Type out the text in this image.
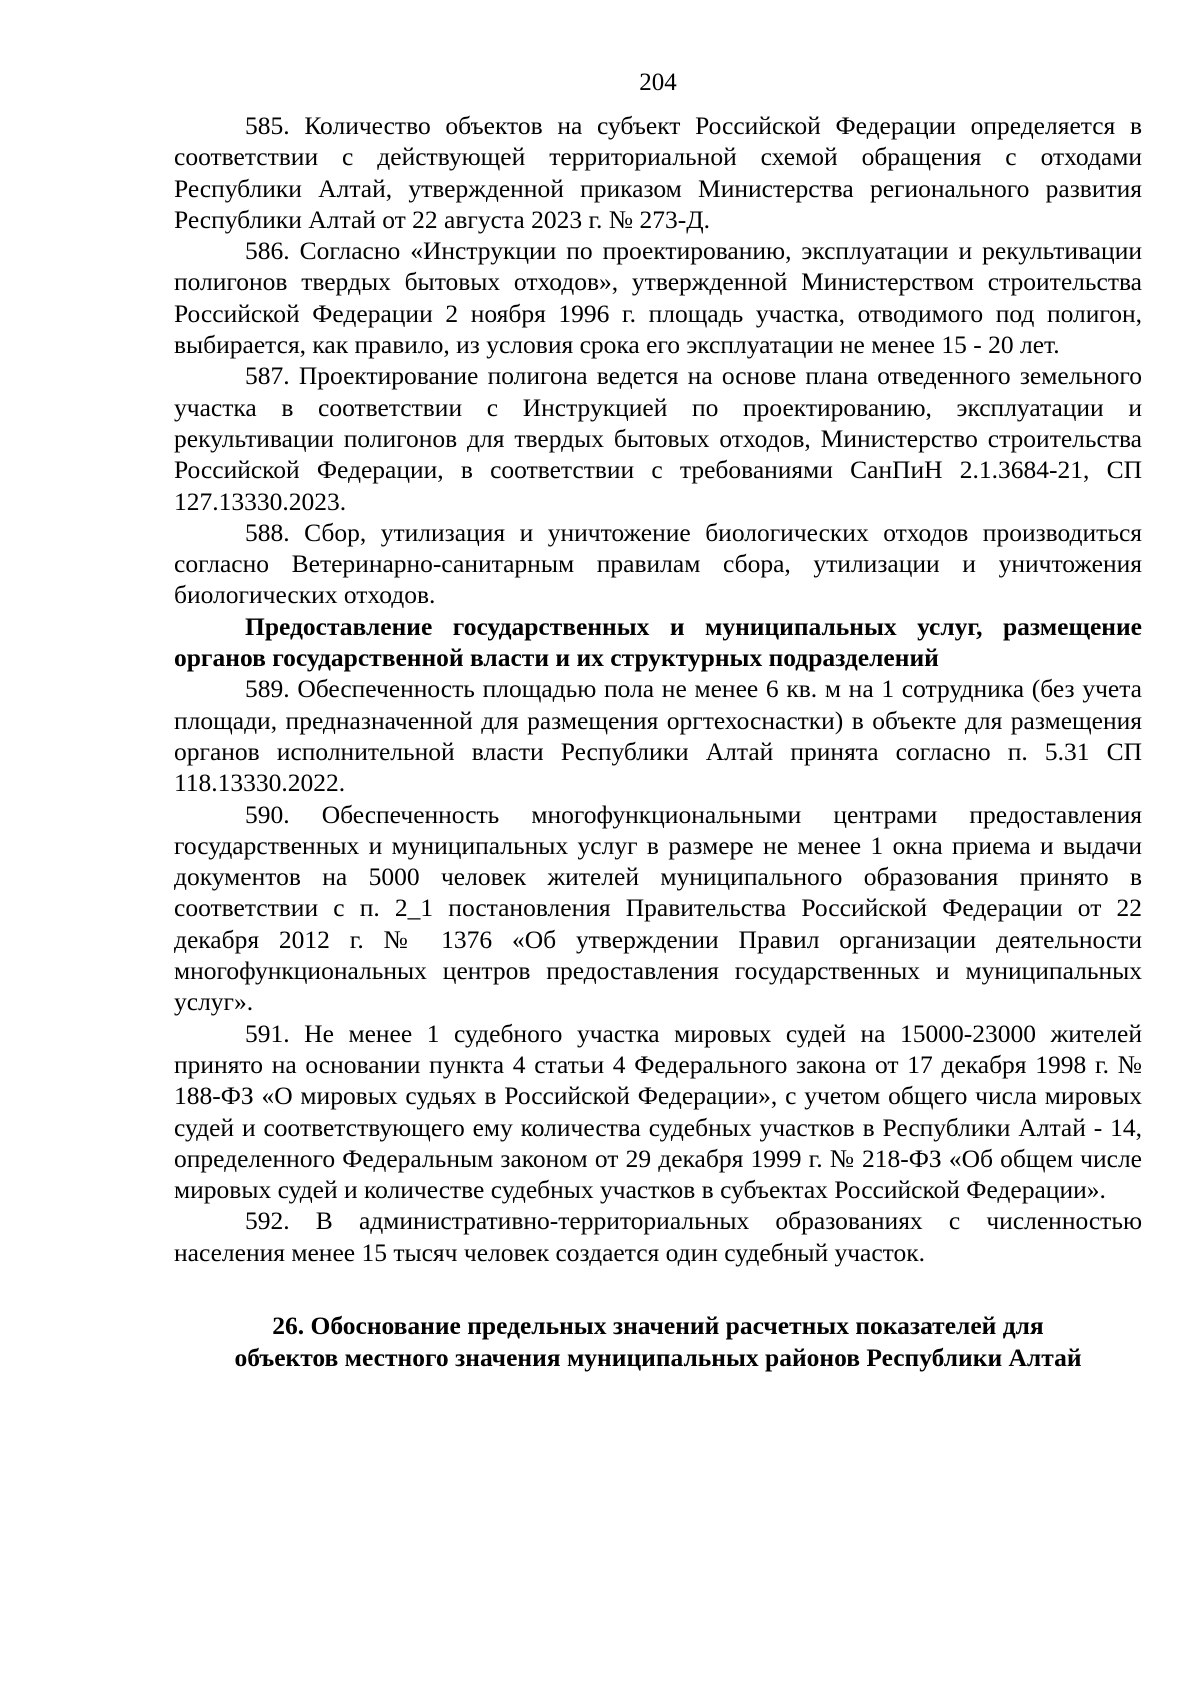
204

585. Количество объектов на субъект Российской Федерации определяется в соответствии с действующей территориальной схемой обращения с отходами Республики Алтай, утвержденной приказом Министерства регионального развития Республики Алтай от 22 августа 2023 г. № 273-Д.

586. Согласно «Инструкции по проектированию, эксплуатации и рекультивации полигонов твердых бытовых отходов», утвержденной Министерством строительства Российской Федерации 2 ноября 1996 г. площадь участка, отводимого под полигон, выбирается, как правило, из условия срока его эксплуатации не менее 15 - 20 лет.

587. Проектирование полигона ведется на основе плана отведенного земельного участка в соответствии с Инструкцией по проектированию, эксплуатации и рекультивации полигонов для твердых бытовых отходов, Министерство строительства Российской Федерации, в соответствии с требованиями СанПиН 2.1.3684-21, СП 127.13330.2023.

588. Сбор, утилизация и уничтожение биологических отходов производиться согласно Ветеринарно-санитарным правилам сбора, утилизации и уничтожения биологических отходов.

Предоставление государственных и муниципальных услуг, размещение органов государственной власти и их структурных подразделений

589. Обеспеченность площадью пола не менее 6 кв. м на 1 сотрудника (без учета площади, предназначенной для размещения оргтехоснастки) в объекте для размещения органов исполнительной власти Республики Алтай принята согласно п. 5.31 СП 118.13330.2022.

590. Обеспеченность многофункциональными центрами предоставления государственных и муниципальных услуг в размере не менее 1 окна приема и выдачи документов на 5000 человек жителей муниципального образования принято в соответствии с п. 2_1 постановления Правительства Российской Федерации от 22 декабря 2012 г. № 1376 «Об утверждении Правил организации деятельности многофункциональных центров предоставления государственных и муниципальных услуг».

591. Не менее 1 судебного участка мировых судей на 15000-23000 жителей принято на основании пункта 4 статьи 4 Федерального закона от 17 декабря 1998 г. № 188-ФЗ «О мировых судьях в Российской Федерации», с учетом общего числа мировых судей и соответствующего ему количества судебных участков в Республики Алтай - 14, определенного Федеральным законом от 29 декабря 1999 г. № 218-ФЗ «Об общем числе мировых судей и количестве судебных участков в субъектах Российской Федерации».

592. В административно-территориальных образованиях с численностью населения менее 15 тысяч человек создается один судебный участок.

26. Обоснование предельных значений расчетных показателей для
объектов местного значения муниципальных районов Республики Алтай
